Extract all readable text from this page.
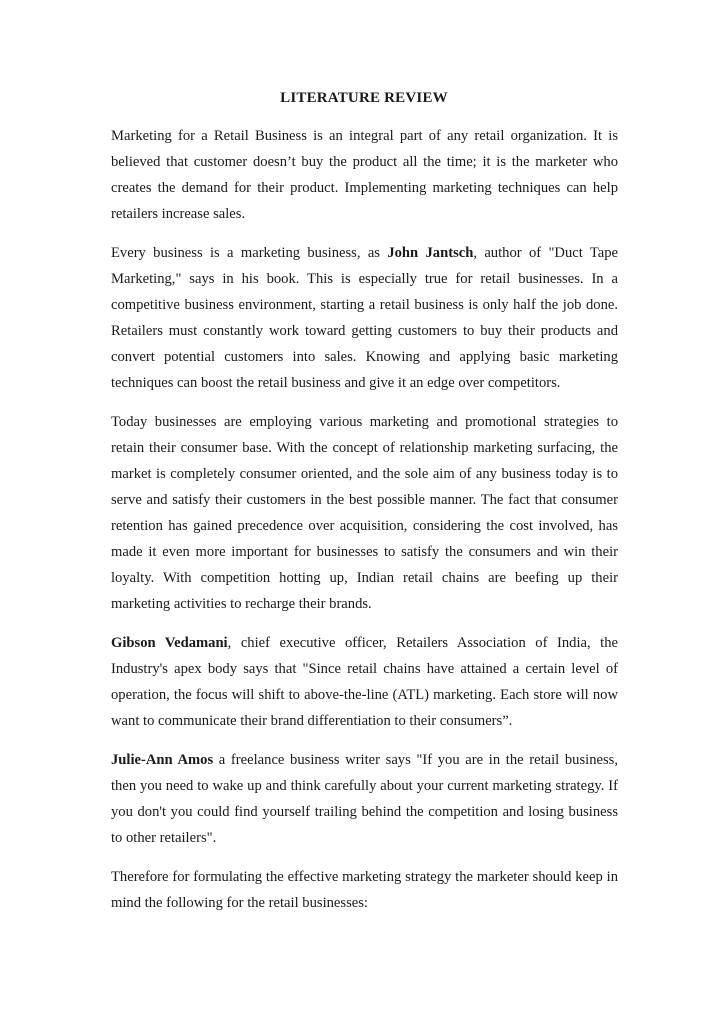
LITERATURE REVIEW

Marketing for a Retail Business is an integral part of any retail organization. It is believed that customer doesn’t buy the product all the time; it is the marketer who creates the demand for their product. Implementing marketing techniques can help retailers increase sales.

Every business is a marketing business, as John Jantsch, author of "Duct Tape Marketing," says in his book. This is especially true for retail businesses. In a competitive business environment, starting a retail business is only half the job done. Retailers must constantly work toward getting customers to buy their products and convert potential customers into sales. Knowing and applying basic marketing techniques can boost the retail business and give it an edge over competitors.

Today businesses are employing various marketing and promotional strategies to retain their consumer base. With the concept of relationship marketing surfacing, the market is completely consumer oriented, and the sole aim of any business today is to serve and satisfy their customers in the best possible manner. The fact that consumer retention has gained precedence over acquisition, considering the cost involved, has made it even more important for businesses to satisfy the consumers and win their loyalty. With competition hotting up, Indian retail chains are beefing up their marketing activities to recharge their brands.

Gibson Vedamani, chief executive officer, Retailers Association of India, the Industry's apex body says that "Since retail chains have attained a certain level of operation, the focus will shift to above-the-line (ATL) marketing. Each store will now want to communicate their brand differentiation to their consumers”.

Julie-Ann Amos a freelance business writer says "If you are in the retail business, then you need to wake up and think carefully about your current marketing strategy. If you don't you could find yourself trailing behind the competition and losing business to other retailers".

Therefore for formulating the effective marketing strategy the marketer should keep in mind the following for the retail businesses:
